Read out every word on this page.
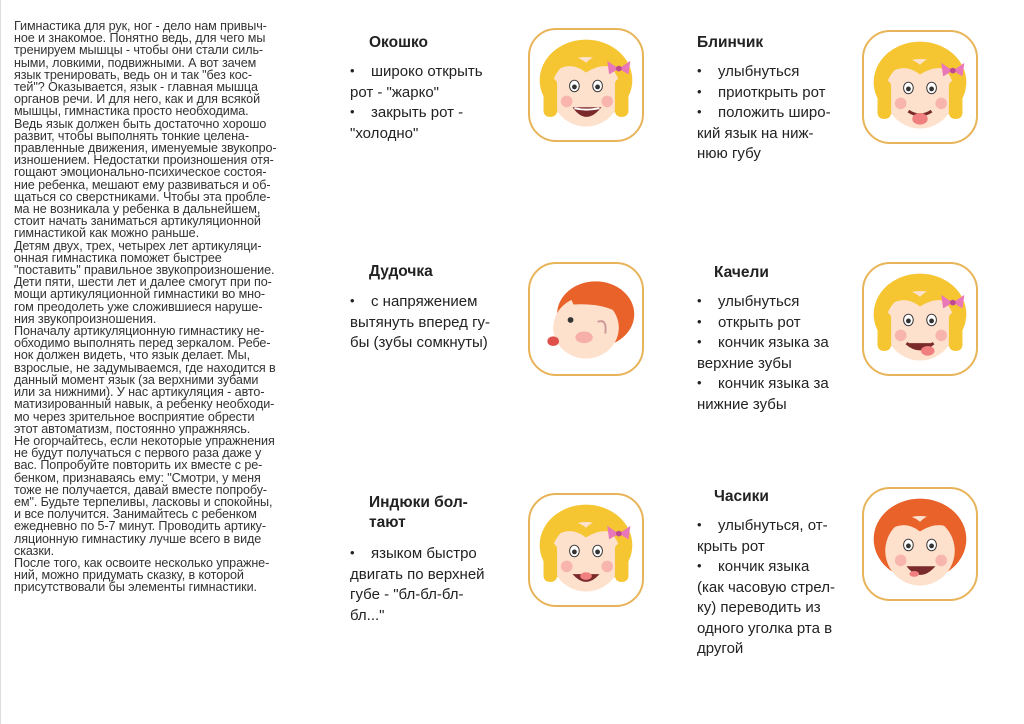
Гимнастика для рук, ног - дело нам привыч-

ное и знакомое. Понятно ведь, для чего мы

тренируем мышцы - чтобы они стали силь-

ными, ловкими, подвижными. А вот зачем

язык тренировать, ведь он и так "без кос-

тей"? Оказывается, язык - главная мышца

органов речи. И для него, как и для всякой

мышцы, гимнастика просто необходима.

Ведь язык должен быть достаточно хорошо

развит, чтобы выполнять тонкие целена-

правленные движения, именуемые звукопро-

изношением. Недостатки произношения отя-

гощают эмоционально-психическое состоя-

ние ребенка, мешают ему развиваться и об-

щаться со сверстниками. Чтобы эта пробле-

ма не возникала у ребенка в дальнейшем,

стоит начать заниматься артикуляционной

гимнастикой как можно раньше.

Детям двух, трех, четырех лет артикуляци-

онная гимнастика поможет быстрее

"поставить" правильное звукопроизношение.

Дети пяти, шести лет и далее смогут при по-

мощи артикуляционной гимнастики во мно-

гом преодолеть уже сложившиеся наруше-

ния звукопроизношения.

Поначалу артикуляционную гимнастику не-

обходимо выполнять перед зеркалом. Ребе-

нок должен видеть, что язык делает. Мы,

взрослые, не задумываемся, где находится в

данный момент язык (за верхними зубами

или за нижними). У нас артикуляция - авто-

матизированный навык, а ребенку необходи-

мо через зрительное восприятие обрести

этот автоматизм, постоянно упражняясь.

Не огорчайтесь, если некоторые упражнения

не будут получаться с первого раза даже у

вас. Попробуйте повторить их вместе с ре-

бенком, признаваясь ему: "Смотри, у меня

тоже не получается, давай вместе попробу-

ем". Будьте терпеливы, ласковы и спокойны,

и все получится. Занимайтесь с ребенком

ежедневно по 5-7 минут. Проводить артику-

ляционную гимнастику лучше всего в виде

сказки.

После того, как освоите несколько упражне-

ний, можно придумать сказку, в которой

присутствовали бы элементы гимнастики.

Окошко
•широко открыть
рот - "жарко"
•закрыть рот -
"холодно"
Блинчик
•улыбнуться
•приоткрыть рот
•положить широ-
кий язык на ниж-
нюю губу
Дудочка
•с напряжением
вытянуть вперед гу-
бы (зубы сомкнуты)
Качели
•улыбнуться
•открыть рот
•кончик языка за
верхние зубы
•кончик языка за
нижние зубы
Индюки бол-
тают
•языком быстро
двигать по верхней
губе - "бл-бл-бл-
бл..."
Часики
•улыбнуться, от-
крыть рот
•кончик языка
(как часовую стрел-
ку) переводить из
одного уголка рта в
другой
